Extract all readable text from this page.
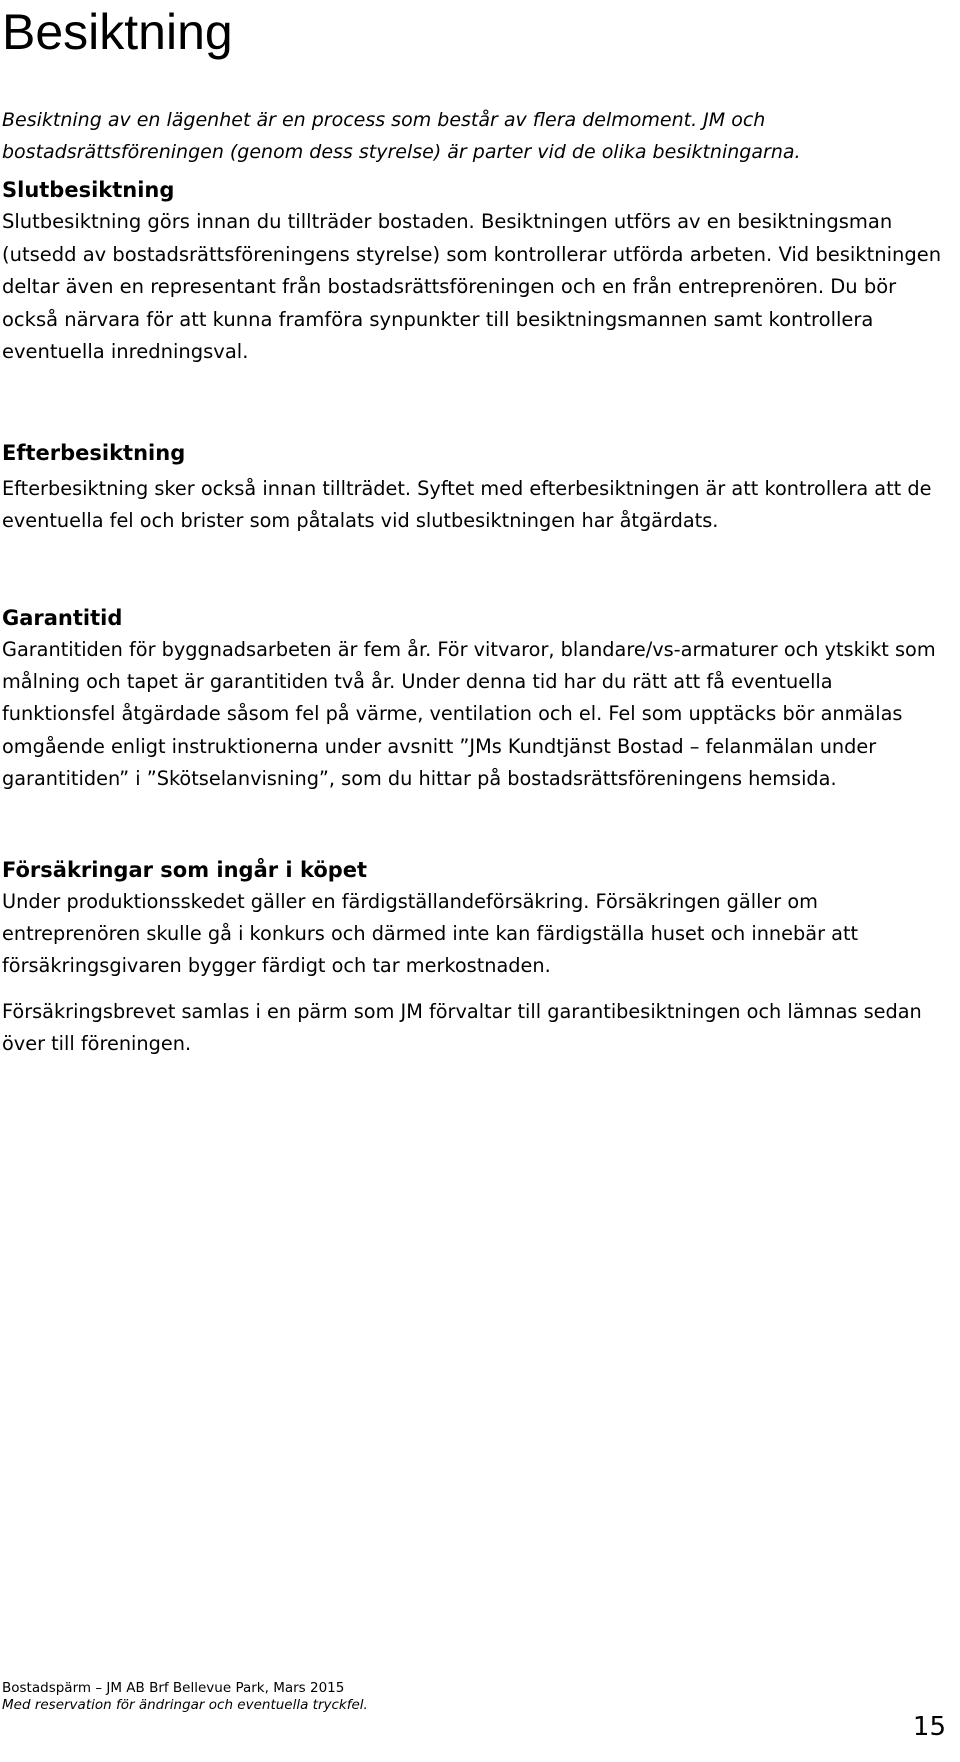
Besiktning

Besiktning av en lägenhet är en process som består av flera delmoment. JM och bostadsrättsföreningen (genom dess styrelse) är parter vid de olika besiktningarna.

Slutbesiktning

Slutbesiktning görs innan du tillträder bostaden. Besiktningen utförs av en besiktningsman (utsedd av bostadsrättsföreningens styrelse) som kontrollerar utförda arbeten. Vid besiktningen deltar även en representant från bostadsrättsföreningen och en från entreprenören. Du bör också närvara för att kunna framföra synpunkter till besiktningsmannen samt kontrollera eventuella inredningsval.

Efterbesiktning

Efterbesiktning sker också innan tillträdet. Syftet med efterbesiktningen är att kontrollera att de eventuella fel och brister som påtalats vid slutbesiktningen har åtgärdats.

Garantitid

Garantitiden för byggnadsarbeten är fem år. För vitvaror, blandare/vs-armaturer och ytskikt som målning och tapet är garantitiden två år. Under denna tid har du rätt att få eventuella funktionsfel åtgärdade såsom fel på värme, ventilation och el. Fel som upptäcks bör anmälas omgående enligt instruktionerna under avsnitt ”JMs Kundtjänst Bostad – felanmälan under garantitiden” i ”Skötselanvisning”, som du hittar på bostadsrättsföreningens hemsida.

Försäkringar som ingår i köpet

Under produktionsskedet gäller en färdigställandeförsäkring. Försäkringen gäller om entreprenören skulle gå i konkurs och därmed inte kan färdigställa huset och innebär att försäkringsgivaren bygger färdigt och tar merkostnaden.

Försäkringsbrevet samlas i en pärm som JM förvaltar till garantibesiktningen och lämnas sedan över till föreningen.

Bostadspärm – JM AB Brf Bellevue Park, Mars 2015
Med reservation för ändringar och eventuella tryckfel.
15
